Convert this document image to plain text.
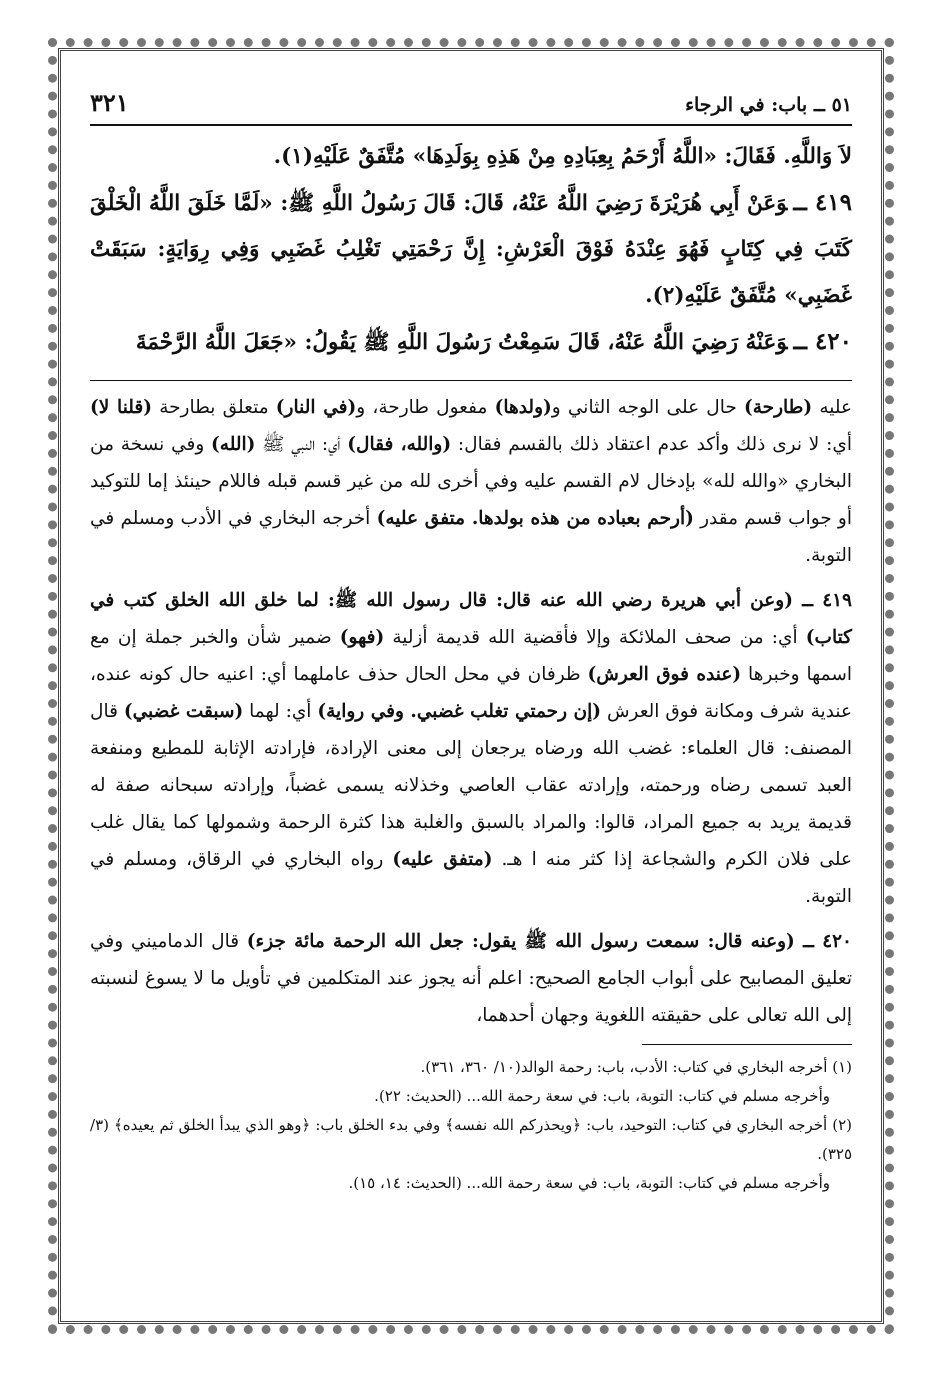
٥١ ــ باب: في الرجاء
٣٢١

لاَ وَاللَّهِ. فَقَالَ: «اللَّهُ أَرْحَمُ بِعِبَادِهِ مِنْ هَذِهِ بِوَلَدِهَا» مُتَّفَقٌ عَلَيْهِ(١).

٤١٩ ــوَعَنْ أَبِي هُرَيْرَةَ رَضِيَ اللَّهُ عَنْهُ، قَالَ: قَالَ رَسُولُ اللَّهِ ﷺ: «لَمَّا خَلَقَ اللَّهُ الْخَلْقَ كَتَبَ فِي كِتَابٍ فَهُوَ عِنْدَهُ فَوْقَ الْعَرْشِ: إِنَّ رَحْمَتِي تَغْلِبُ غَضَبِي وَفِي رِوَايَةٍ: سَبَقَتْ غَضَبِي» مُتَّفَقٌ عَلَيْهِ(٢).

٤٢٠ ــوَعَنْهُ رَضِيَ اللَّهُ عَنْهُ، قَالَ سَمِعْتُ رَسُولَ اللَّهِ ﷺ يَقُولُ: «جَعَلَ اللَّهُ الرَّحْمَةَ

عليه (طارحة) حال على الوجه الثاني و(ولدها) مفعول طارحة، و(في النار) متعلق بطارحة (قلنا لا) أي: لا نرى ذلك وأكد عدم اعتقاد ذلك بالقسم فقال: (والله، فقال) أي: النبي ﷺ (الله) وفي نسخة من البخاري «والله لله» بإدخال لام القسم عليه وفي أخرى لله من غير قسم قبله فاللام حينئذ إما للتوكيد أو جواب قسم مقدر (أرحم بعباده من هذه بولدها. متفق عليه) أخرجه البخاري في الأدب ومسلم في التوبة.

٤١٩ ــ (وعن أبي هريرة رضي الله عنه قال: قال رسول الله ﷺ: لما خلق الله الخلق كتب في كتاب) أي: من صحف الملائكة وإلا فأقضية الله قديمة أزلية (فهو) ضمير شأن والخبر جملة إن مع اسمها وخبرها (عنده فوق العرش) ظرفان في محل الحال حذف عاملهما أي: اعنيه حال كونه عنده، عندية شرف ومكانة فوق العرش (إن رحمتي تغلب غضبي. وفي رواية) أي: لهما (سبقت غضبي) قال المصنف: قال العلماء: غضب الله ورضاه يرجعان إلى معنى الإرادة، فإرادته الإثابة للمطيع ومنفعة العبد تسمى رضاه ورحمته، وإرادته عقاب العاصي وخذلانه يسمى غضباً، وإرادته سبحانه صفة له قديمة يريد به جميع المراد، قالوا: والمراد بالسبق والغلبة هذا كثرة الرحمة وشمولها كما يقال غلب على فلان الكرم والشجاعة إذا كثر منه ا هـ. (متفق عليه) رواه البخاري في الرقاق، ومسلم في التوبة.

٤٢٠ ــ (وعنه قال: سمعت رسول الله ﷺ يقول: جعل الله الرحمة مائة جزء) قال الدماميني وفي تعليق المصابيح على أبواب الجامع الصحيح: اعلم أنه يجوز عند المتكلمين في تأويل ما لا يسوغ لنسبته إلى الله تعالى على حقيقته اللغوية وجهان أحدهما،

(١) أخرجه البخاري في كتاب: الأدب، باب: رحمة الوالد(١٠/ ٣٦٠، ٣٦١).

وأخرجه مسلم في كتاب: التوبة، باب: في سعة رحمة الله... (الحديث: ٢٢).

(٢) أخرجه البخاري في كتاب: التوحيد، باب: ﴿ويحذركم الله نفسه﴾ وفي بدء الخلق باب: ﴿وهو الذي يبدأ الخلق ثم يعيده﴾ (٣/ ٣٢٥).

وأخرجه مسلم في كتاب: التوبة، باب: في سعة رحمة الله... (الحديث: ١٤، ١٥).
